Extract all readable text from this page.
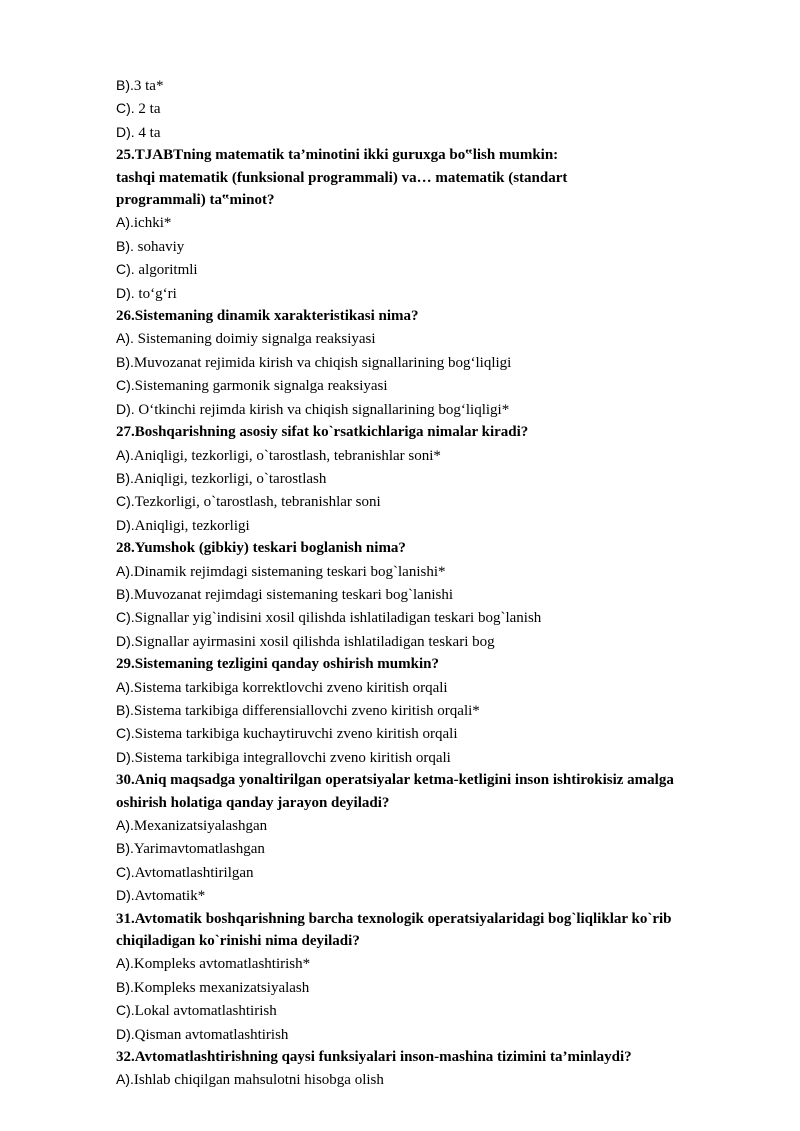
B).3 ta*
C). 2 ta
D). 4 ta
25.TJABTning matematik ta’minotini ikki guruxga bo‟lish mumkin: tashqi matematik (funksional programmali) va… matematik (standart programmali) ta‟minot?
A).ichki*
B). sohaviy
C). algoritmli
D). to‘g‘ri
26.Sistemaning dinamik xarakteristikasi nima?
A). Sistemaning doimiy signalga reaksiyasi
B).Muvozanat rejimida kirish va chiqish signallarining bog‘liqligi
C).Sistemaning garmonik signalga reaksiyasi
D). O‘tkinchi rejimda kirish va chiqish signallarining bog‘liqligi*
27.Boshqarishning asosiy sifat ko`rsatkichlariga nimalar kiradi?
A).Aniqligi, tezkorligi, o`tarostlash, tebranishlar soni*
B).Aniqligi, tezkorligi, o`tarostlash
C).Tezkorligi, o`tarostlash, tebranishlar soni
D).Aniqligi, tezkorligi
28.Yumshok (gibkiy) teskari boglanish nima?
A).Dinamik rejimdagi sistemaning teskari bog`lanishi*
B).Muvozanat rejimdagi sistemaning teskari bog`lanishi
C).Signallar yig`indisini xosil qilishda ishlatiladigan teskari bog`lanish
D).Signallar ayirmasini xosil qilishda ishlatiladigan teskari bog
29.Sistemaning tezligini qanday oshirish mumkin?
A).Sistema tarkibiga korrektlovchi zveno kiritish orqali
B).Sistema tarkibiga differensiallovchi zveno kiritish orqali*
C).Sistema tarkibiga kuchaytiruvchi zveno kiritish orqali
D).Sistema tarkibiga integrallovchi zveno kiritish orqali
30.Aniq maqsadga yonaltirilgan operatsiyalar ketma-ketligini inson ishtirokisiz amalga oshirish holatiga qanday jarayon deyiladi?
A).Mexanizatsiyalashgan
B).Yarimavtomatlashgan
C).Avtomatlashtirilgan
D).Avtomatik*
31.Avtomatik boshqarishning barcha texnologik operatsiyalaridagi bog`liqliklar ko`rib chiqiladigan ko`rinishi nima deyiladi?
A).Kompleks avtomatlashtirish*
B).Kompleks mexanizatsiyalash
C).Lokal avtomatlashtirish
D).Qisman avtomatlashtirish
32.Avtomatlashtirishning qaysi funksiyalari inson-mashina tizimini ta’minlaydi?
A).Ishlab chiqilgan mahsulotni hisobga olish
